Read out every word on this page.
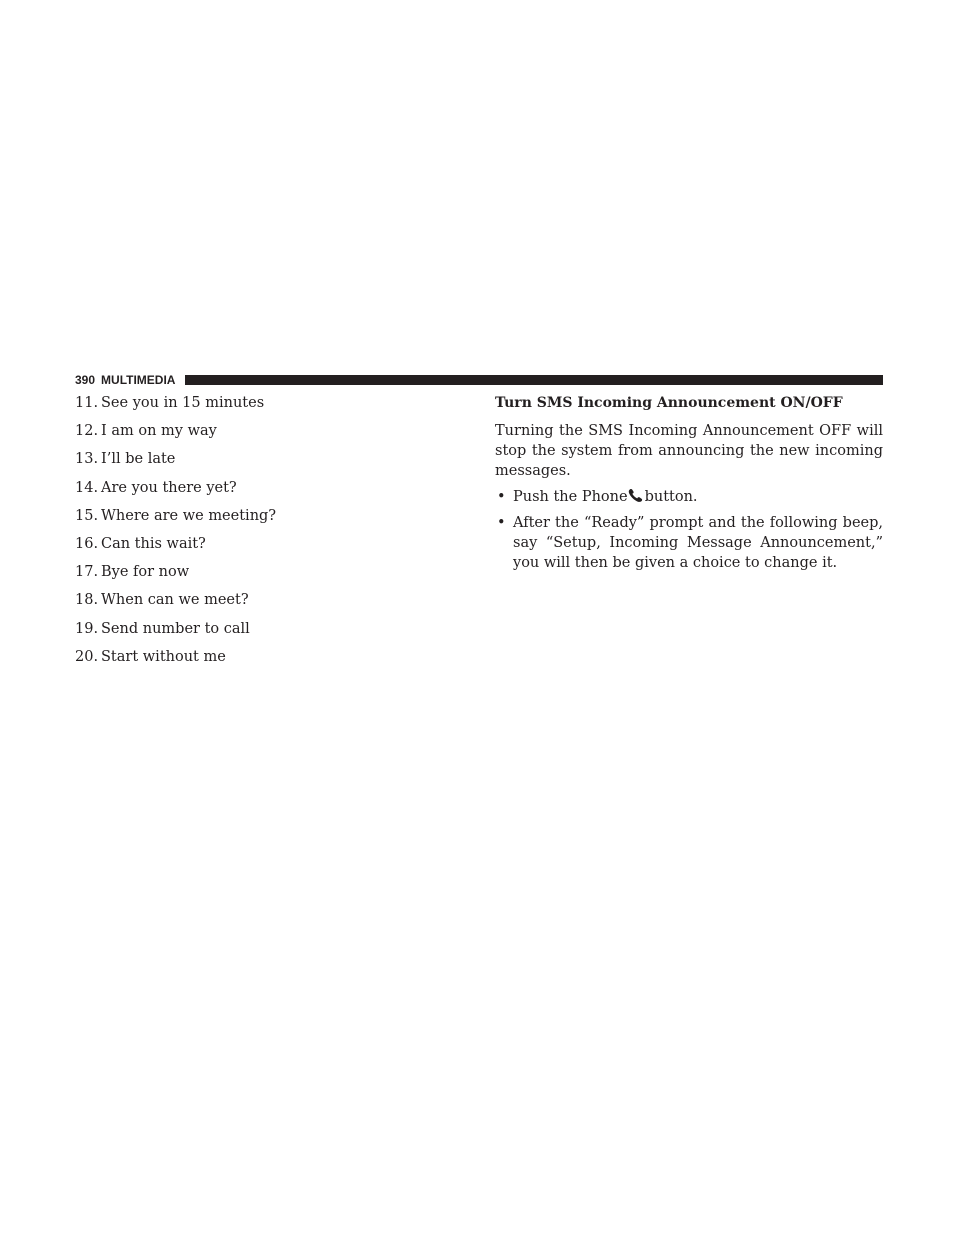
390 MULTIMEDIA
11. See you in 15 minutes
12. I am on my way
13. I’ll be late
14. Are you there yet?
15. Where are we meeting?
16. Can this wait?
17. Bye for now
18. When can we meet?
19. Send number to call
20. Start without me
Turn SMS Incoming Announcement ON/OFF

Turning the SMS Incoming Announcement OFF will stop the system from announcing the new incoming messages.

• Push the Phone button.
• After the “Ready” prompt and the following beep, say “Setup, Incoming Message Announcement,” you will then be given a choice to change it.
